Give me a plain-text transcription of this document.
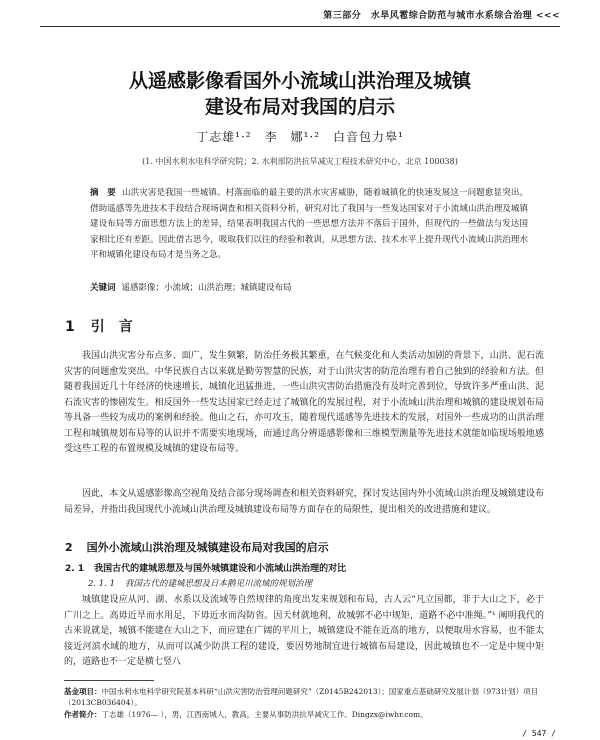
第三部分　水旱风雹综合防范与城市水系综合治理 <<<
从遥感影像看国外小流域山洪治理及城镇
建设布局对我国的启示
丁志雄¹·²　李　娜¹·²　白音包力皋¹
(1. 中国水利水电科学研究院；2. 水利部防洪抗旱减灾工程技术研究中心，北京 100038)
摘　要 山洪灾害是我国一些城镇、村落面临的最主要的洪水灾害威胁，随着城镇化的快速发展这一问题愈显突出。借助遥感等先进技术手段结合现场调查和相关资料分析，研究对比了我国与一些发达国家对于小流域山洪治理及城镇建设布局等方面思想方法上的差异，结果表明我国古代的一些思想方法并不落后于国外，但现代的一些做法与发达国家相比还有差距。因此借古思今，吸取我们以往的经验和教训，从思想方法、技术水平上提升现代小流域山洪治理水平和城镇化建设布局才是当务之急。
关键词 遥感影像；小流域；山洪治理；城镇建设布局
1 引　言
我国山洪灾害分布点多、面广，发生频繁，防治任务极其繁重，在气候变化和人类活动加剧的背景下，山洪、泥石流灾害的问题愈发突出。中华民族自古以来就是勤劳智慧的民族，对于山洪灾害的防范治理有着自己独到的经验和方法。但随着我国近几十年经济的快速增长，城镇化迅猛推进，一些山洪灾害防治措施没有及时完善到位，导致许多严重山洪、泥石流灾害的惨剧发生。相反国外一些发达国家已经走过了城镇化的发展过程，对于小流域山洪治理和城镇的建设规划布局等具备一些较为成功的案例和经验。他山之石，亦可攻玉，随着现代遥感等先进技术的发展，对国外一些成功的山洪治理工程和城镇规划布局等的认识并不需要实地现场，而通过高分辨遥感影像和三维模型测量等先进技术就能如临现场般地感受这些工程的布置规模及城镇的建设布局等。
因此，本文从遥感影像高空视角及结合部分现场调查和相关资料研究，探讨发达国内外小流域山洪治理及城镇建设布局差异，并指出我国现代小流域山洪治理及城镇建设布局等方面存在的局限性，提出相关的改进措施和建议。
2 国外小流域山洪治理及城镇建设布局对我国的启示
2. 1 我国古代的建城思想及与国外城镇建设和小流域山洪治理的对比
2. 1. 1 我国古代的建城思想及日本鹅见川流域的规划治理
城镇建设应从河、湖、水系以及流域等自然规律的角度出发来规划和布局，古人云“凡立国都，非于大山之下，必于广川之上。高毋近旱而水用足，下毋近水而沟防省。因天材就地利，故城郭不必中规矩，道路不必中准绳。”¹ 阐明我代的古来说就是，城镇不能建在大山之下，而应建在广阔的平川上，城镇建设不能在近高的地方，以便取用水容易，也不能太接近河滨水域的地方，从而可以减少防洪工程的建设，要因势地制宜进行城镇布局建设，因此城镇也不一定是中规中矩的，道路也不一定是横七竖八
基金项目：中国水利水电科学研究院基本科研“山洪灾害防治管理问题研究”（Z0145B242013）；国家重点基础研究发展计划（973计划）项目（2013CB036404）。
作者简介：丁志雄（1976— ），男，江西南城人，教高，主要从事防洪抗旱减灾工作。Dingzx@iwhr.com。
/ 547 /
